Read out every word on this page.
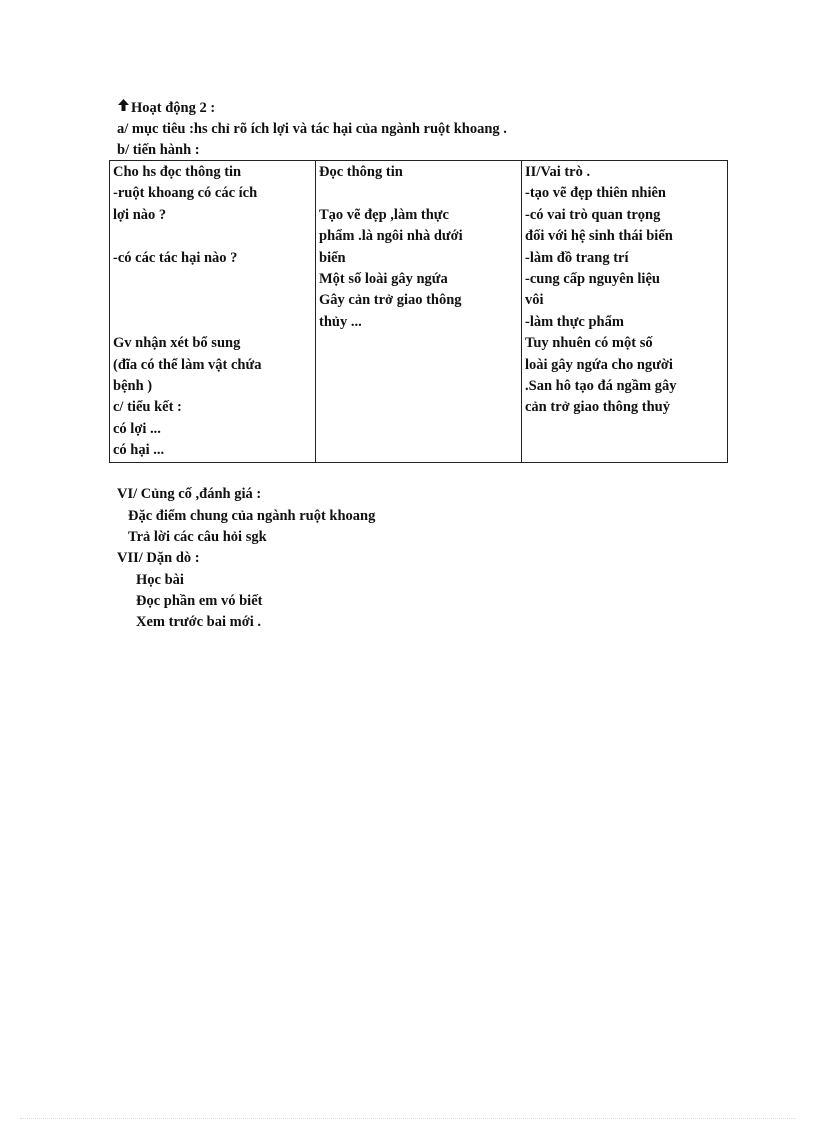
Hoạt động 2 :
a/ mục tiêu :hs chỉ rõ ích lợi và tác hại của ngành ruột khoang .
b/ tiến hành :
Cho hs đọc thông tin
-ruột khoang có các ích
lợi nào ?
-có các tác hại nào ?
Gv nhận xét bổ sung
(đĩa có thể làm vật chứa
bệnh )
c/ tiểu kết :
có lợi ...
có hại ...

Đọc thông tin
Tạo vẽ đẹp ,làm thực
phẩm .là ngôi nhà dưới
biển
Một số loài gây ngứa
Gây cản trở giao thông
thủy ...

II/Vai trò .
-tạo vẽ đẹp thiên nhiên
-có vai trò quan trọng
đối với hệ sinh thái biển
-làm đồ trang trí
-cung cấp nguyên liệu
vôi
-làm thực phẩm
Tuy nhuên có một số
loài gây ngứa cho người
.San hô tạo đá ngầm gây
cản trở giao thông thuỷ
VI/ Củng cố ,đánh giá :
Đặc điểm chung của ngành ruột khoang
Trả lời các câu hỏi sgk
VII/ Dặn dò :
Học bài
Đọc phần em vó biết
Xem trước bai mới .
